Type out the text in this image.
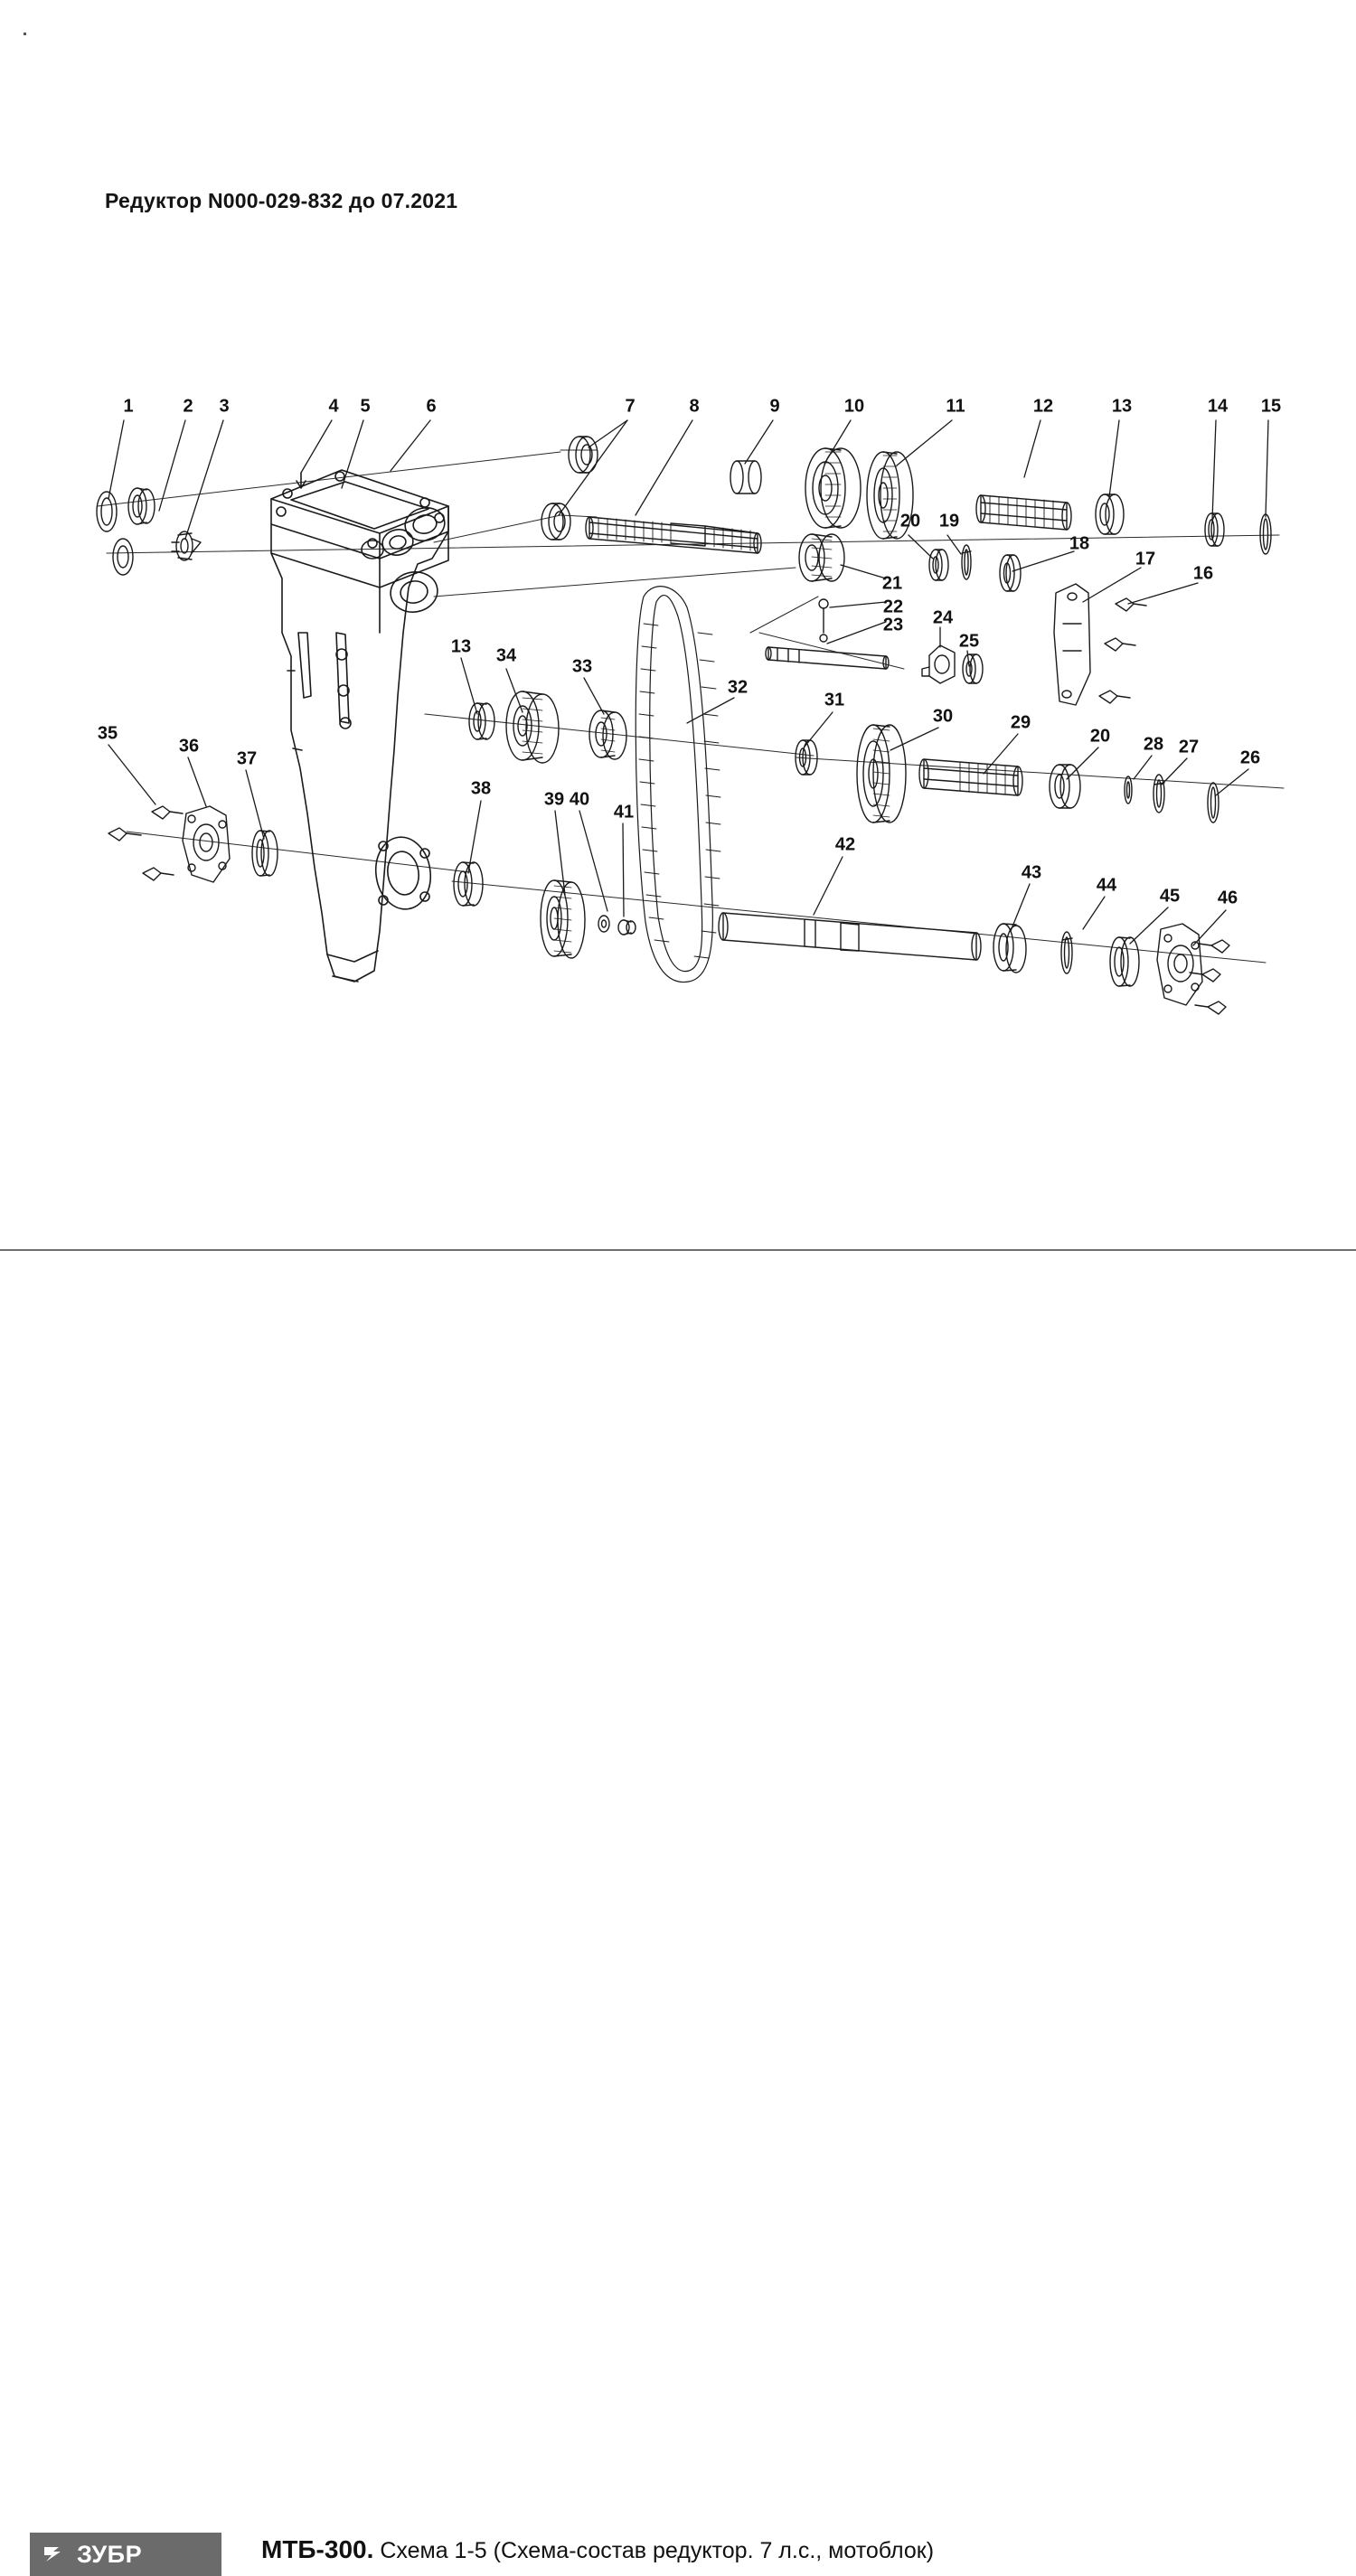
Редуктор N000-029-832 до 07.2021
1	2 3	4 5	6	7	8	9	10	11	12	13	14 15
20 19
18
21
17
16
22
23 24
25
13 34
33
32
31
30	29
20 28 27
26
35
36
37
38
39 40
41
42
43
44
45 46
ЗУБР	МТБ-300. Схема 1-5 (Схема-состав редуктор. 7 л.с., мотоблок)
